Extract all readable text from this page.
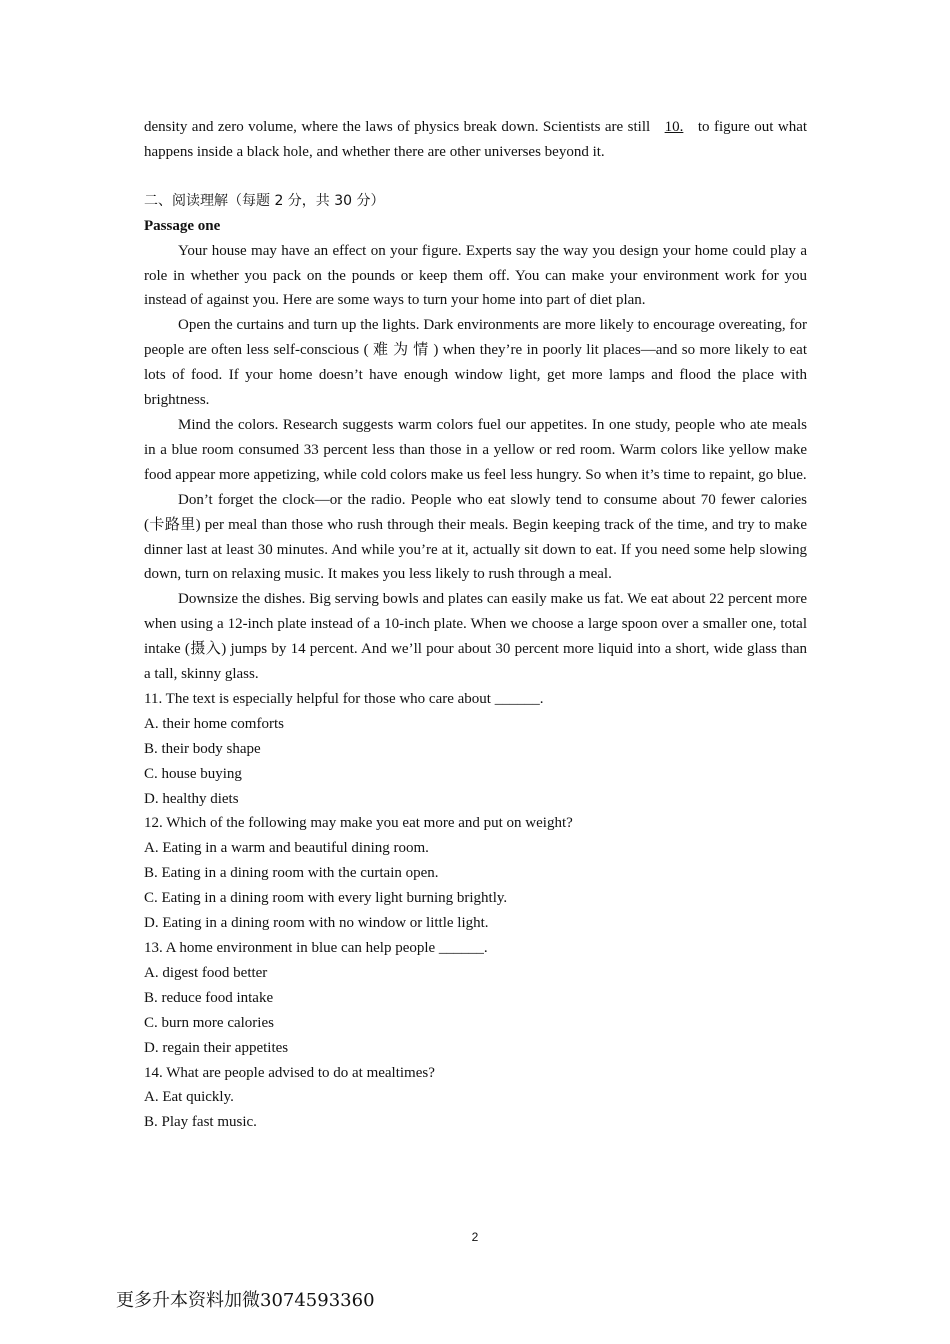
density and zero volume, where the laws of physics break down. Scientists are still 10. to figure out what happens inside a black hole, and whether there are other universes beyond it.

二、阅读理解（每题 2 分，共 30 分）

Passage one

Your house may have an effect on your figure. Experts say the way you design your home could play a role in whether you pack on the pounds or keep them off. You can make your environment work for you instead of against you. Here are some ways to turn your home into part of diet plan.

Open the curtains and turn up the lights. Dark environments are more likely to encourage overeating, for people are often less self-conscious ( 难 为 情 ) when they’re in poorly lit places—and so more likely to eat lots of food. If your home doesn’t have enough window light, get more lamps and flood the place with brightness.

Mind the colors. Research suggests warm colors fuel our appetites. In one study, people who ate meals in a blue room consumed 33 percent less than those in a yellow or red room. Warm colors like yellow make food appear more appetizing, while cold colors make us feel less hungry. So when it’s time to repaint, go blue.

Don’t forget the clock—or the radio. People who eat slowly tend to consume about 70 fewer calories (卡路里) per meal than those who rush through their meals. Begin keeping track of the time, and try to make dinner last at least 30 minutes. And while you’re at it, actually sit down to eat. If you need some help slowing down, turn on relaxing music. It makes you less likely to rush through a meal.

Downsize the dishes. Big serving bowls and plates can easily make us fat. We eat about 22 percent more when using a 12-inch plate instead of a 10-inch plate. When we choose a large spoon over a smaller one, total intake (摄入) jumps by 14 percent. And we’ll pour about 30 percent more liquid into a short, wide glass than a tall, skinny glass.

11. The text is especially helpful for those who care about ______.

A. their home comforts

B. their body shape

C. house buying

D. healthy diets

12. Which of the following may make you eat more and put on weight?

A. Eating in a warm and beautiful dining room.

B. Eating in a dining room with the curtain open.

C. Eating in a dining room with every light burning brightly.

D. Eating in a dining room with no window or little light.

13. A home environment in blue can help people ______.

A. digest food better

B. reduce food intake

C. burn more calories

D. regain their appetites

14. What are people advised to do at mealtimes?

A. Eat quickly.

B. Play fast music.

2
更多升本资料加微3074593360
